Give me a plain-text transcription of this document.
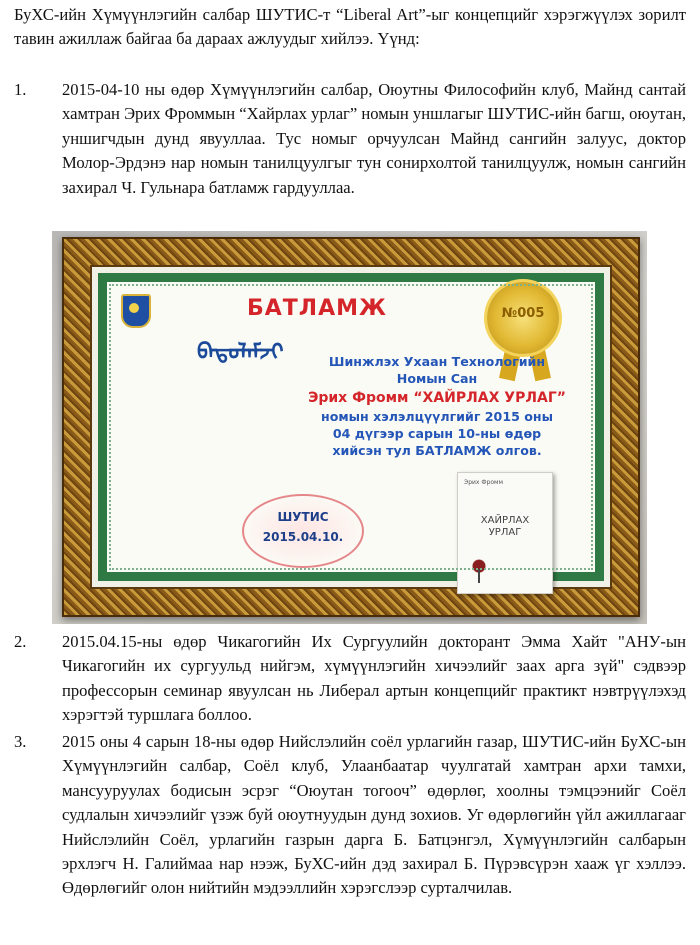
БуХС-ийн Хүмүүнлэгийн салбар ШУТИС-т “Liberal Art”-ыг концепцийг хэрэгжүүлэх зорилт тавин ажиллаж байгаа ба дараах ажлуудыг хийлээ. Үүнд:

1. 2015-04-10 ны өдөр Хүмүүнлэгийн салбар, Оюутны Философийн клуб, Майнд сантай хамтран Эрих Фроммын “Хайрлах урлаг” номын уншлагыг ШУТИС-ийн багш, оюутан, уншигчдын дунд явууллаа. Тус номыг орчуулсан Майнд сангийн залуус, доктор Молор-Эрдэнэ нар номын танилцуулгыг тун сонирхолтой танилцуулж, номын сангийн захирал Ч. Гульнара батламж гардууллаа.

БАТЛАМЖ	№005
ᠪᠠᠲᠤᠯᠠᠮᠵᠢ	Шинжлэх Ухаан Технологийн
Номын Сан
Эрих Фромм “ХАЙРЛАХ УРЛАГ”
номын хэлэлцүүлгийг 2015 оны
04 дүгээр сарын 10-ны өдөр
хийсэн тул БАТЛАМЖ олгов.
ШУТИС
2015.04.10.
Эрих Фромм
ХАЙРЛАХ
УРЛАГ
2. 2015.04.15-ны өдөр Чикагогийн Их Сургуулийн докторант Эмма Хайт "АНУ-ын Чикагогийн их сургуульд нийгэм, хүмүүнлэгийн хичээлийг заах арга зүй" сэдвээр профессорын семинар явуулсан нь Либерал артын концепцийг практикт нэвтрүүлэхэд хэрэгтэй туршлага боллоо.

3. 2015 оны 4 сарын 18-ны өдөр Нийслэлийн соёл урлагийн газар, ШУТИС-ийн БуХС-ын Хүмүүнлэгийн салбар, Соёл клуб, Улаанбаатар чуулгатай хамтран архи тамхи, мансууруулах бодисын эсрэг “Оюутан тогооч” өдөрлөг, хоолны тэмцээнийг Соёл судлалын хичээлийг үзэж буй оюутнуудын дунд зохиов. Уг өдөрлөгийн үйл ажиллагааг Нийслэлийн Соёл, урлагийн газрын дарга Б. Батцэнгэл, Хүмүүнлэгийн салбарын эрхлэгч Н. Галиймаа нар нээж, БуХС-ийн дэд захирал Б. Пүрэвсүрэн хааж үг хэллээ. Өдөрлөгийг олон нийтийн мэдээллийн хэрэгслээр сурталчилав.
